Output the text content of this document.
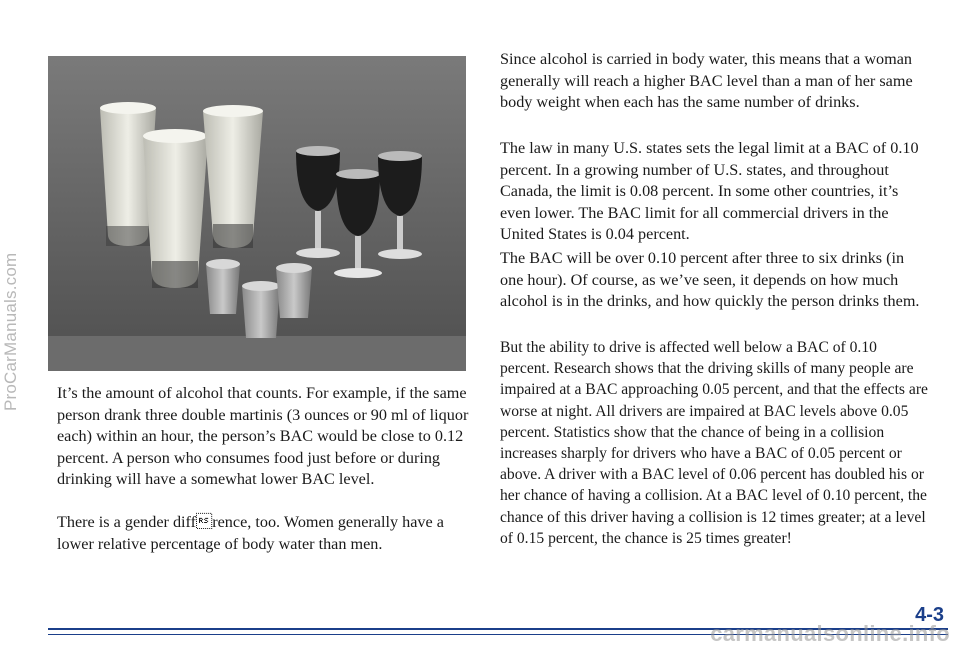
ProCarManuals.com It’s the amount of alcohol that counts. For example, if the same person drank three double martinis (3 ounces or 90 ml of liquor each) within an hour, the person’s BAC would be close to 0.12 percent. A person who consumes food just before or during drinking will have a somewhat lower BAC level.

There is a gender diffrence, too. Women generally have a lower relative percentage of body water than men.

Since alcohol is carried in body water, this means that a woman generally will reach a higher BAC level than a man of her same body weight when each has the same number of drinks.

The law in many U.S. states sets the legal limit at a BAC of 0.10 percent. In a growing number of U.S. states, and throughout Canada, the limit is 0.08 percent. In some other countries, it’s even lower. The BAC limit for all commercial drivers in the United States is 0.04 percent.

The BAC will be over 0.10 percent after three to six drinks (in one hour). Of course, as we’ve seen, it depends on how much alcohol is in the drinks, and how quickly the person drinks them.

But the ability to drive is affected well below a BAC of 0.10 percent. Research shows that the driving skills of many people are impaired at a BAC approaching 0.05 percent, and that the effects are worse at night. All drivers are impaired at BAC levels above 0.05 percent. Statistics show that the chance of being in a collision increases sharply for drivers who have a BAC of 0.05 percent or above. A driver with a BAC level of 0.06 percent has doubled his or her chance of having a collision. At a BAC level of 0.10 percent, the chance of this driver having a collision is 12 times greater; at a level of 0.15 percent, the chance is 25 times greater!

4-3
carmanualsonline.info
